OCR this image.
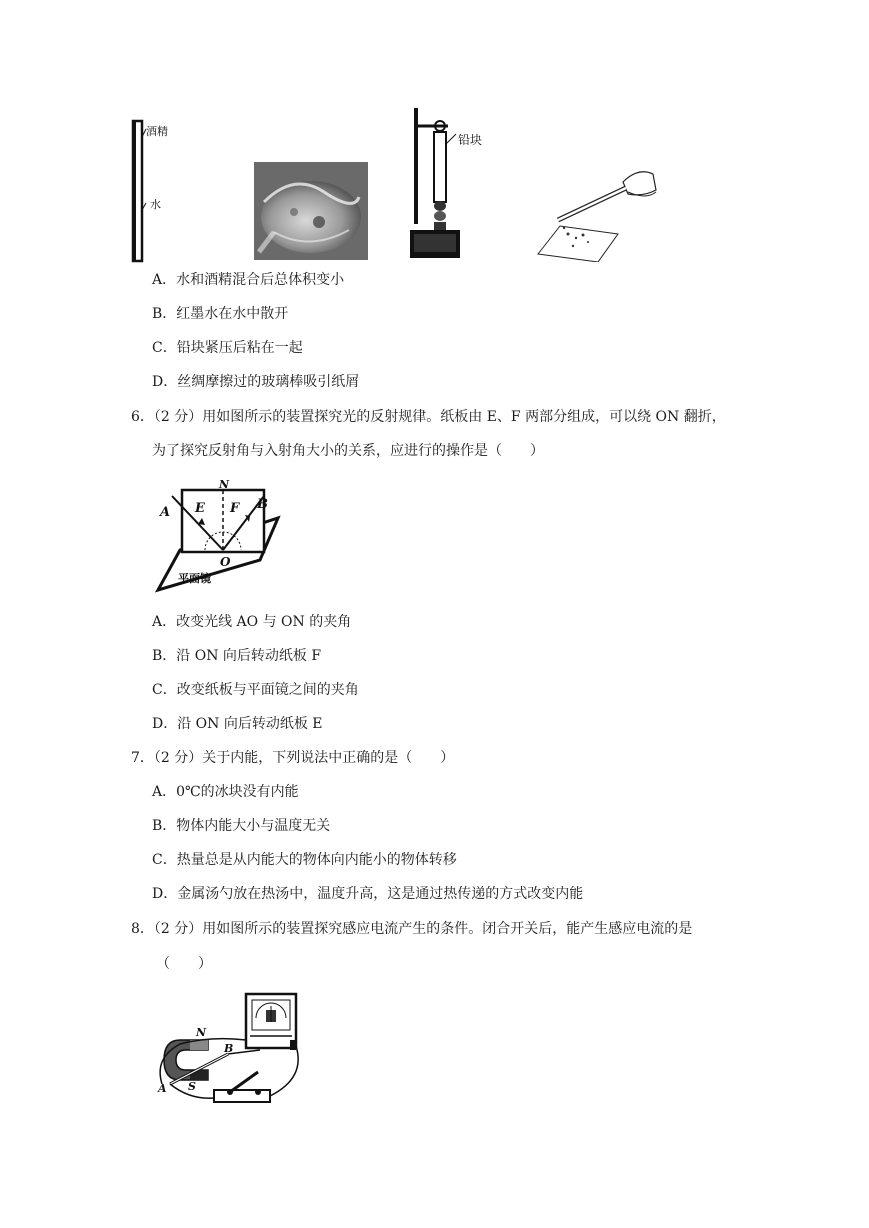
酒精
水
铅块
A．水和酒精混合后总体积变小
B．红墨水在水中散开
C．铅块紧压后粘在一起
D．丝绸摩擦过的玻璃棒吸引纸屑
6．（2 分）用如图所示的装置探究光的反射规律。纸板由 E、F 两部分组成，可以绕 ON 翻折，
为了探究反射角与入射角大小的关系，应进行的操作是（　　）
A
N
B
E F
O
平面镜
A．改变光线 AO 与 ON 的夹角
B．沿 ON 向后转动纸板 F
C．改变纸板与平面镜之间的夹角
D．沿 ON 向后转动纸板 E
7．（2 分）关于内能，下列说法中正确的是（　　）
A．0℃的冰块没有内能
B．物体内能大小与温度无关
C．热量总是从内能大的物体向内能小的物体转移
D．金属汤勺放在热汤中，温度升高，这是通过热传递的方式改变内能
8．（2 分）用如图所示的装置探究感应电流产生的条件。闭合开关后，能产生感应电流的是
（　　）
N
B
A S
